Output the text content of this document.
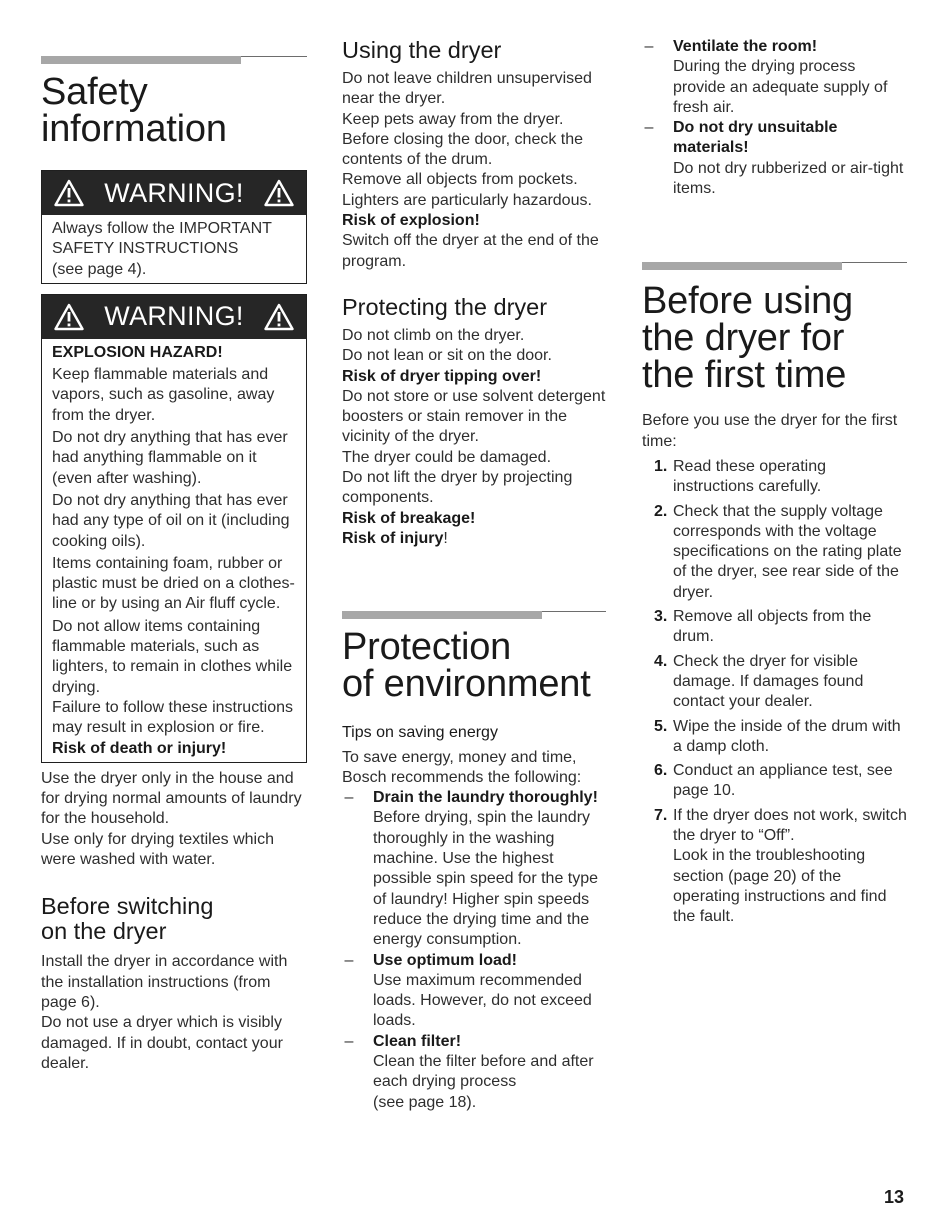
Safety
information
WARNING!
Always follow the IMPORTANT SAFETY INSTRUCTIONS
(see page 4).
WARNING!

EXPLOSION HAZARD!

Keep flammable materials and vapors, such as gasoline, away from the dryer.

Do not dry anything that has ever had anything flammable on it (even after washing).

Do not dry anything that has ever had any type of oil on it (including cooking oils).

Items containing foam, rubber or plastic must be dried on a clothes-line or by using an Air fluff cycle.

Do not allow items containing flammable materials, such as lighters, to remain in clothes while drying.

Failure to follow these instructions may result in explosion or fire.

Risk of death or injury!

Use the dryer only in the house and for drying normal amounts of laundry for the household.

Use only for drying textiles which were washed with water.

Before switching
on the dryer

Install the dryer in accordance with the installation instructions (from page 6).

Do not use a dryer which is visibly damaged. If in doubt, contact your dealer.

Using the dryer

Do not leave children unsupervised near the dryer.

Keep pets away from the dryer.

Before closing the door, check the contents of the drum.

Remove all objects from pockets.

Lighters are particularly hazardous.

Risk of explosion!

Switch off the dryer at the end of the program.

Protecting the dryer

Do not climb on the dryer.

Do not lean or sit on the door.

Risk of dryer tipping over!

Do not store or use solvent detergent boosters or stain remover in the vicinity of the dryer.

The dryer could be damaged.

Do not lift the dryer by projecting components.

Risk of breakage!

Risk of injury!

Protection
of environment

Tips on saving energy

To save energy, money and time, Bosch recommends the following:

– Drain the laundry thoroughly!
Before drying, spin the laundry thoroughly in the washing machine. Use the highest possible spin speed for the type of laundry! Higher spin speeds reduce the drying time and the energy consumption.
– Use optimum load!
Use maximum recommended loads. However, do not exceed loads.
– Clean filter!
Clean the filter before and after each drying process
(see page 18).
– Ventilate the room!
During the drying process provide an adequate supply of fresh air.
– Do not dry unsuitable materials!
Do not dry rubberized or air-tight items.
Before using
the dryer for
the first time

Before you use the dryer for the first time:

1. Read these operating instructions carefully.
2. Check that the supply voltage corresponds with the voltage specifications on the rating plate of the dryer, see rear side of the dryer.
3. Remove all objects from the drum.
4. Check the dryer for visible damage. If damages found contact your dealer.
5. Wipe the inside of the drum with a damp cloth.
6. Conduct an appliance test, see page 10.
7. If the dryer does not work, switch the dryer to “Off”.
Look in the troubleshooting section (page 20) of the operating instructions and find the fault.
13
